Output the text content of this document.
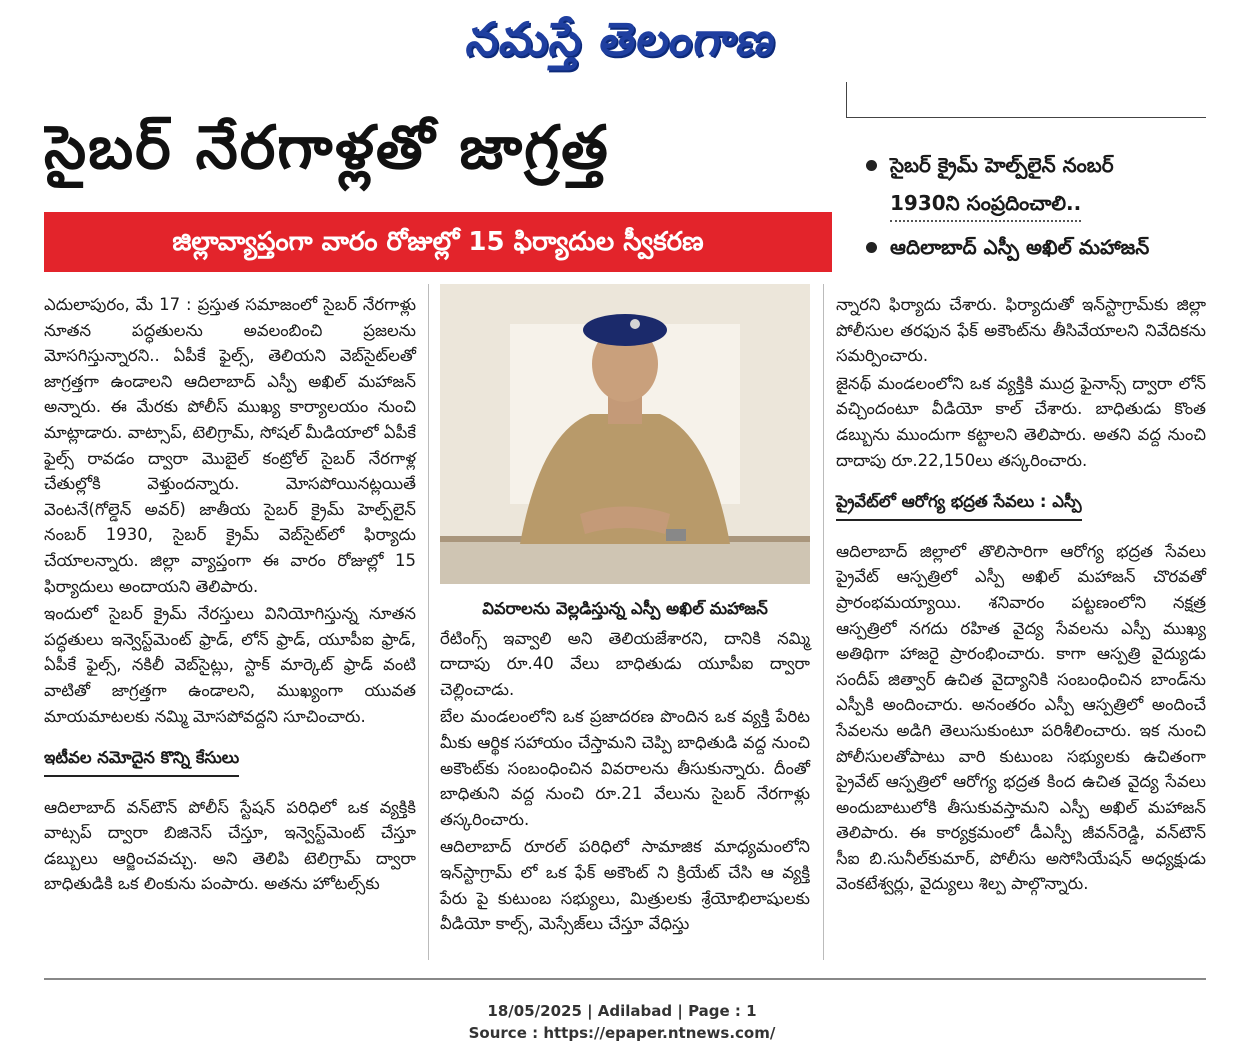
నమస్తే తెలంగాణ
సైబర్ నేరగాళ్లతో జాగ్రత్త
జిల్లావ్యాప్తంగా వారం రోజుల్లో 15 ఫిర్యాదుల స్వీకరణ
సైబర్ క్రైమ్ హెల్ప్‌లైన్ నంబర్
1930ని సంప్రదించాలి..
ఆదిలాబాద్ ఎస్పీ అఖిల్ మహాజన్

ఎదులాపురం, మే 17 : ప్రస్తుత సమాజంలో సైబర్ నేరగాళ్లు నూతన పద్ధతులను అవలంబించి ప్రజలను మోసగిస్తున్నారని.. ఏపీకే ఫైల్స్, తెలియని వెబ్‌సైట్‌లతో జాగ్రత్తగా ఉండాలని ఆదిలాబాద్ ఎస్పీ అఖిల్ మహాజన్ అన్నారు. ఈ మేరకు పోలీస్ ముఖ్య కార్యాలయం నుంచి మాట్లాడారు. వాట్సాప్, టెలిగ్రామ్, సోషల్ మీడియాలో ఏపీకే ఫైల్స్ రావడం ద్వారా మొబైల్ కంట్రోల్ సైబర్ నేరగాళ్ల చేతుల్లోకి వెళ్తుందన్నారు. మోసపోయినట్లయితే వెంటనే(గోల్డెన్ అవర్) జాతీయ సైబర్ క్రైమ్ హెల్ప్‌లైన్ నంబర్ 1930, సైబర్ క్రైమ్ వెబ్‌సైట్‌లో ఫిర్యాదు చేయాలన్నారు. జిల్లా వ్యాప్తంగా ఈ వారం రోజుల్లో 15 ఫిర్యాదులు అందాయని తెలిపారు.

ఇందులో సైబర్ క్రైమ్ నేరస్తులు వినియోగిస్తున్న నూతన పద్ధతులు ఇన్వెస్ట్‌మెంట్ ఫ్రాడ్, లోన్ ఫ్రాడ్, యూపీఐ ఫ్రాడ్, ఏపీకే ఫైల్స్, నకిలీ వెబ్‌సైట్లు, స్టాక్ మార్కెట్ ఫ్రాడ్ వంటి వాటితో జాగ్రత్తగా ఉండాలని, ముఖ్యంగా యువత మాయమాటలకు నమ్మి మోసపోవద్దని సూచించారు.

ఇటీవల నమోదైన కొన్ని కేసులు

ఆదిలాబాద్ వన్‌టౌన్ పోలీస్ స్టేషన్ పరిధిలో ఒక వ్యక్తికి వాట్సప్ ద్వారా బిజినెస్ చేస్తూ, ఇన్వెస్ట్‌మెంట్ చేస్తూ డబ్బులు ఆర్జించవచ్చు. అని తెలిపి టెలిగ్రామ్ ద్వారా బాధితుడికి ఒక లింకును పంపారు. అతను హోటల్స్‌కు

వివరాలను వెల్లడిస్తున్న ఎస్పీ అఖిల్ మహాజన్

రేటింగ్స్ ఇవ్వాలి అని తెలియజేశారని, దానికి నమ్మి దాదాపు రూ.40 వేలు బాధితుడు యూపీఐ ద్వారా చెల్లించాడు.

బేల మండలంలోని ఒక ప్రజాదరణ పొందిన ఒక వ్యక్తి పేరిట మీకు ఆర్థిక సహాయం చేస్తామని చెప్పి బాధితుడి వద్ద నుంచి అకౌంట్‌కు సంబంధించిన వివరాలను తీసుకున్నారు. దీంతో బాధితుని వద్ద నుంచి రూ.21 వేలును సైబర్ నేరగాళ్లు తస్కరించారు.

ఆదిలాబాద్ రూరల్ పరిధిలో సామాజిక మాధ్యమంలోని ఇన్‌స్టాగ్రామ్ లో ఒక ఫేక్ అకౌంట్ ని క్రియేట్ చేసి ఆ వ్యక్తి పేరు పై కుటుంబ సభ్యులు, మిత్రులకు శ్రేయోభిలాషులకు వీడియో కాల్స్, మెస్సేజ్‌లు చేస్తూ వేధిస్తు

న్నారని ఫిర్యాదు చేశారు. ఫిర్యాదుతో ఇన్‌స్టాగ్రామ్‌కు జిల్లా పోలీసుల తరఫున ఫేక్ అకౌంట్‌ను తీసివేయాలని నివేదికను సమర్పించారు.

జైనథ్ మండలంలోని ఒక వ్యక్తికి ముద్ర ఫైనాన్స్ ద్వారా లోన్ వచ్చిందంటూ వీడియో కాల్ చేశారు. బాధితుడు కొంత డబ్బును ముందుగా కట్టాలని తెలిపారు. అతని వద్ద నుంచి దాదాపు రూ.22,150లు తస్కరించారు.

ప్రైవేట్‌లో ఆరోగ్య భద్రత సేవలు : ఎస్పీ

ఆదిలాబాద్ జిల్లాలో తొలిసారిగా ఆరోగ్య భద్రత సేవలు ప్రైవేట్ ఆస్పత్రిలో ఎస్పీ అఖిల్ మహాజన్ చొరవతో ప్రారంభమయ్యాయి. శనివారం పట్టణంలోని నక్షత్ర ఆస్పత్రిలో నగదు రహిత వైద్య సేవలను ఎస్పీ ముఖ్య అతిథిగా హాజరై ప్రారంభించారు. కాగా ఆస్పత్రి వైద్యుడు సందీప్ జిత్వార్ ఉచిత వైద్యానికి సంబంధించిన బాండ్‌ను ఎస్పీకి అందించారు. అనంతరం ఎస్పీ ఆస్పత్రిలో అందించే సేవలను అడిగి తెలుసుకుంటూ పరిశీలించారు. ఇక నుంచి పోలీసులతోపాటు వారి కుటుంబ సభ్యులకు ఉచితంగా ప్రైవేట్ ఆస్పత్రిలో ఆరోగ్య భద్రత కింద ఉచిత వైద్య సేవలు అందుబాటులోకి తీసుకువస్తామని ఎస్పీ అఖిల్ మహాజన్ తెలిపారు. ఈ కార్యక్రమంలో డీఎస్పీ జీవన్‌రెడ్డి, వన్‌టౌన్ సీఐ బి.సునీల్‌కుమార్, పోలీసు అసోసియేషన్ అధ్యక్షుడు వెంకటేశ్వర్లు, వైద్యులు శిల్ప పాల్గొన్నారు.

18/05/2025 | Adilabad | Page : 1
Source : https://epaper.ntnews.com/
